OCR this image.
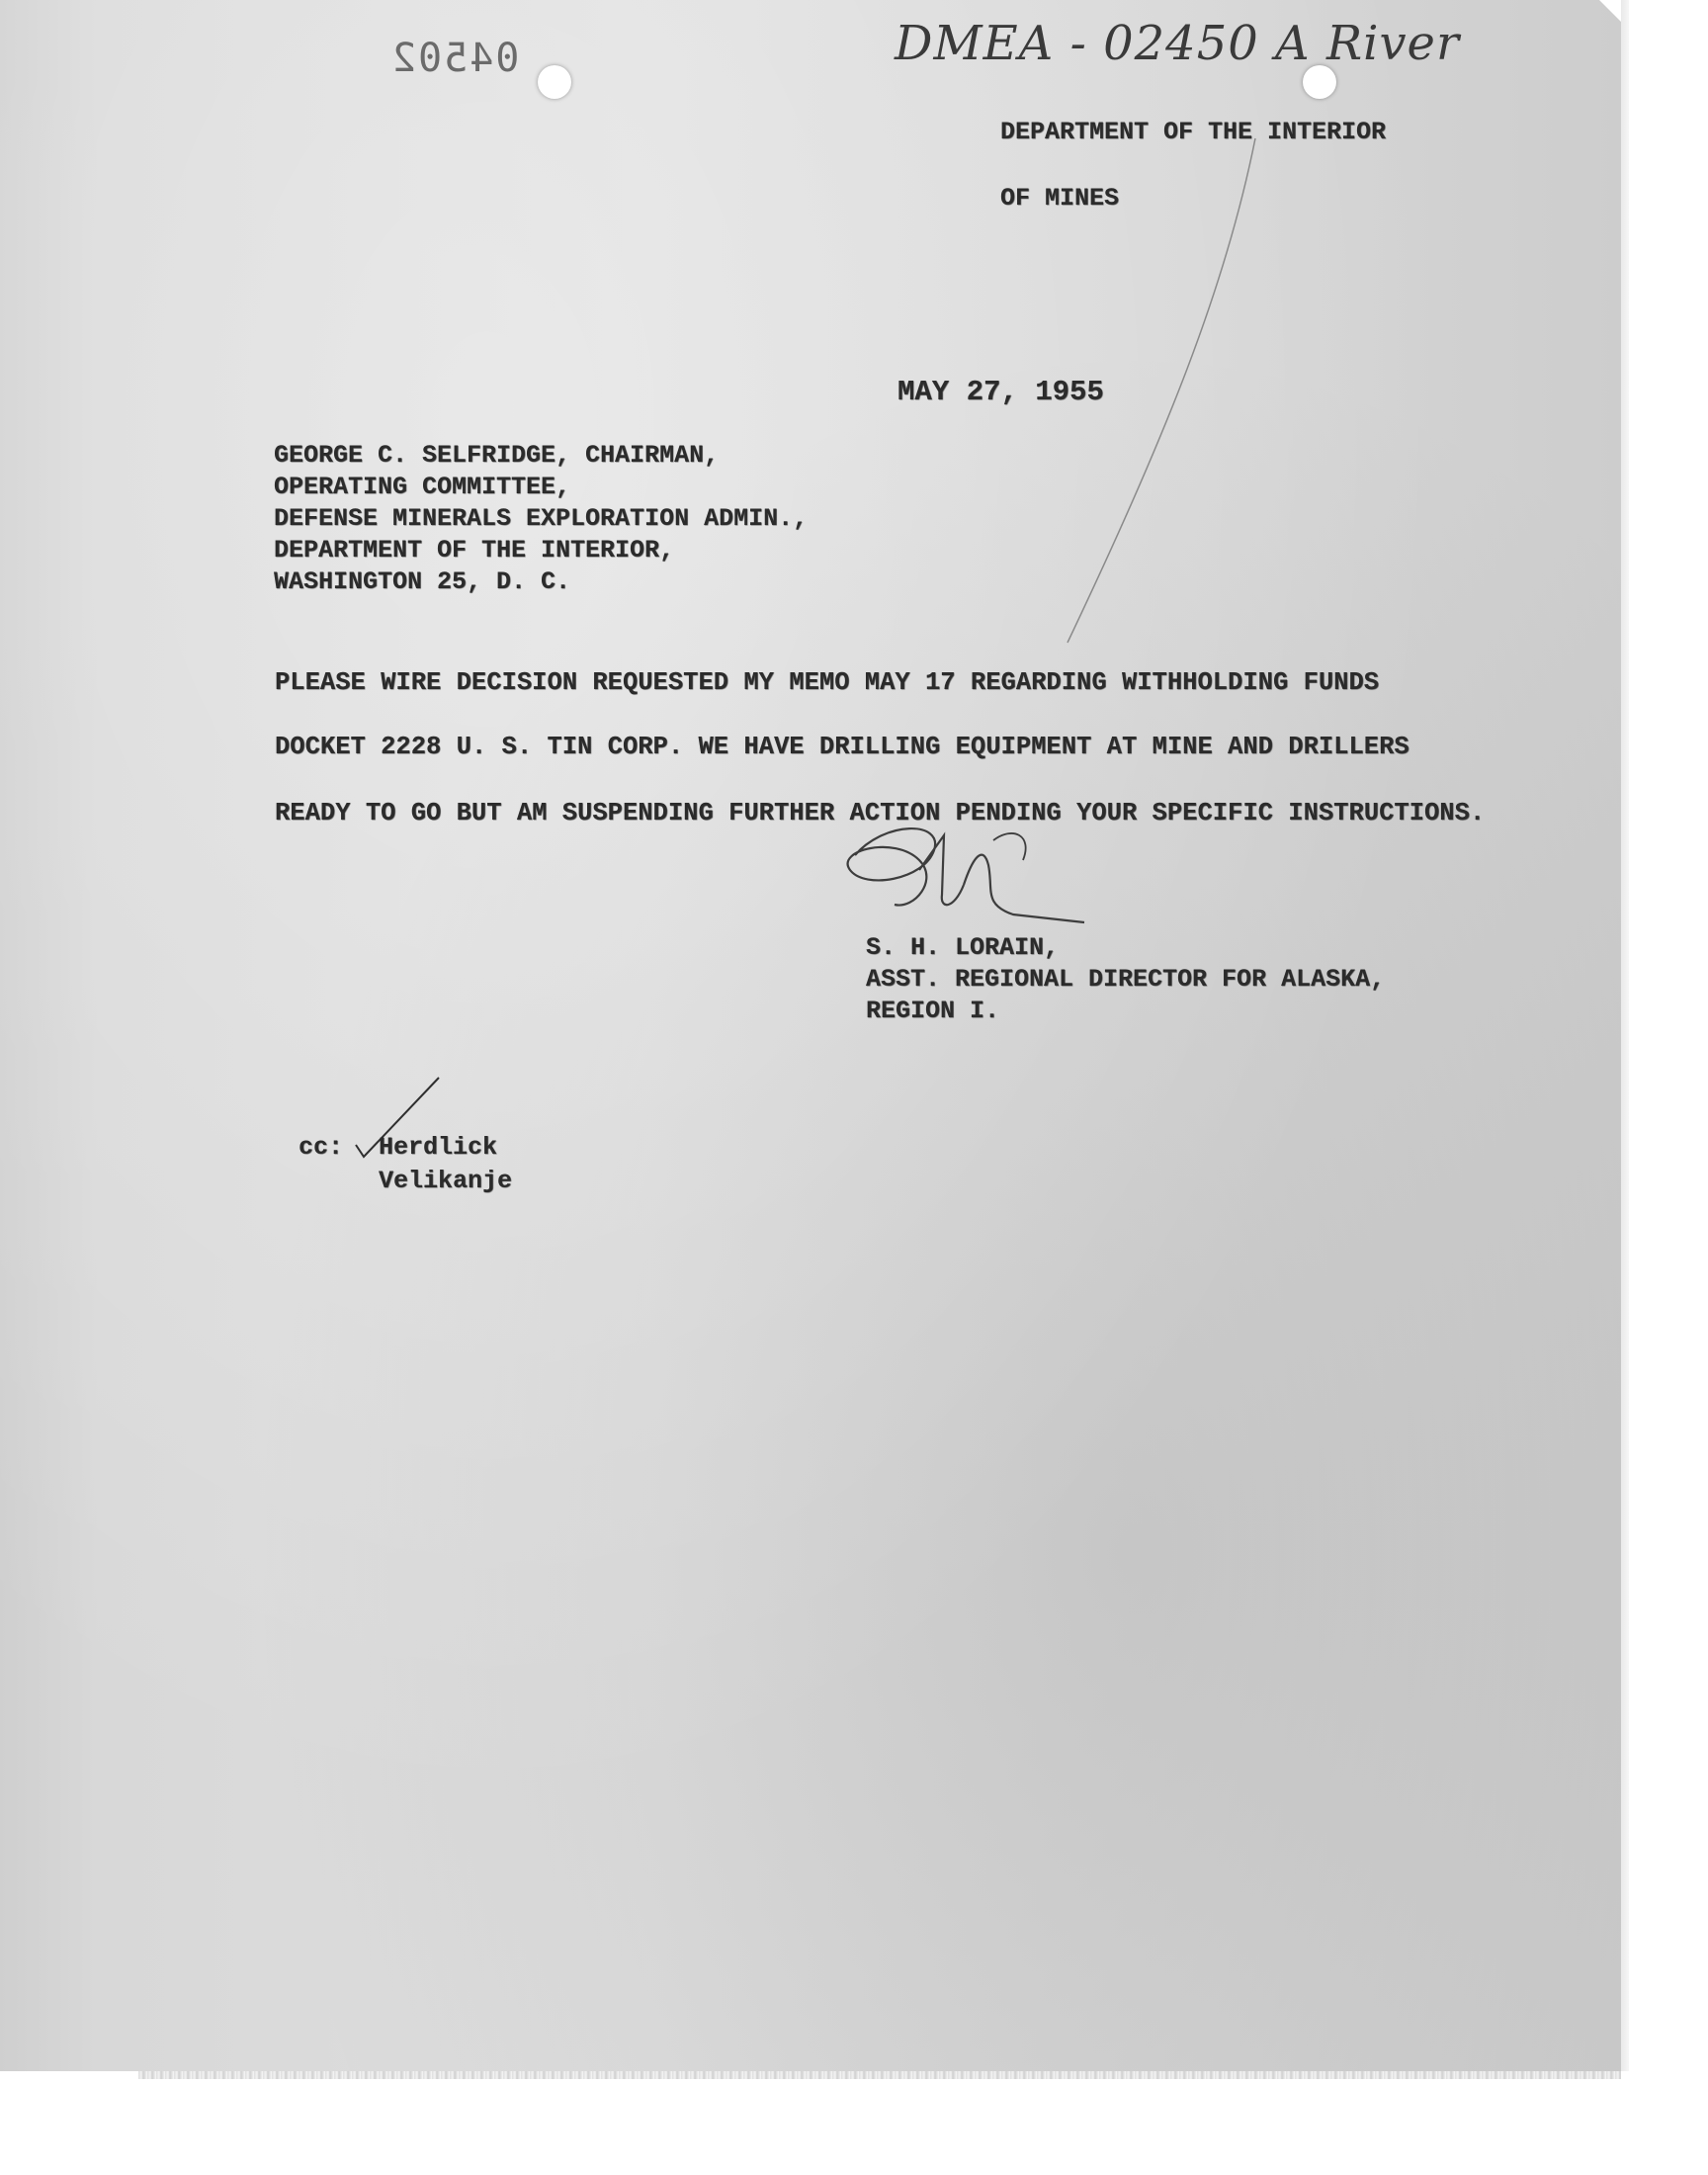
04502	DMEA - 02450 A River
DEPARTMENT OF THE INTERIOR
OF MINES
MAY 27, 1955
GEORGE C. SELFRIDGE, CHAIRMAN,
OPERATING COMMITTEE,
DEFENSE MINERALS EXPLORATION ADMIN.,
DEPARTMENT OF THE INTERIOR,
WASHINGTON 25, D. C.
PLEASE WIRE DECISION REQUESTED MY MEMO MAY 17 REGARDING WITHHOLDING FUNDS
DOCKET 2228 U. S. TIN CORP. WE HAVE DRILLING EQUIPMENT AT MINE AND DRILLERS
READY TO GO BUT AM SUSPENDING FURTHER ACTION PENDING YOUR SPECIFIC INSTRUCTIONS.
S. H. LORAIN,
ASST. REGIONAL DIRECTOR FOR ALASKA,
REGION I.
cc: Herdlick
Velikanje
